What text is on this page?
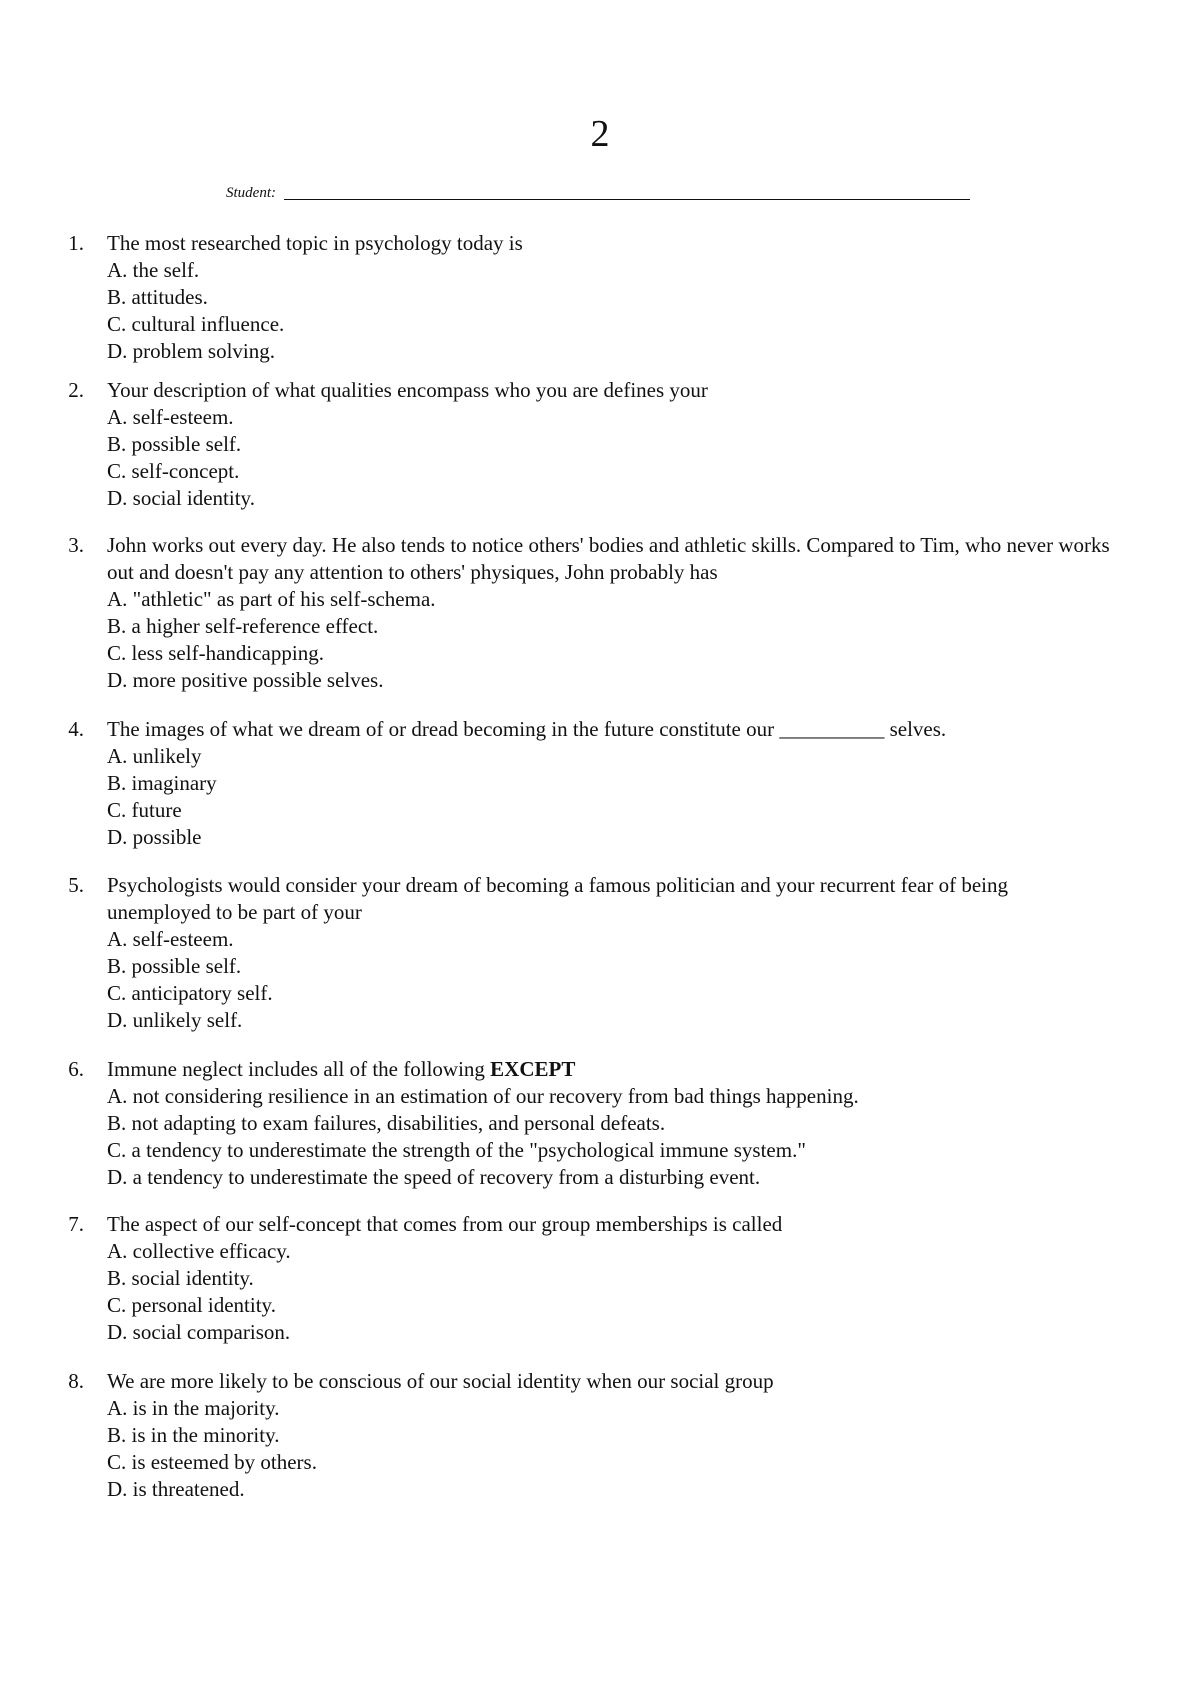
2
Student:
1. The most researched topic in psychology today is
A. the self.
B. attitudes.
C. cultural influence.
D. problem solving.
2. Your description of what qualities encompass who you are defines your
A. self-esteem.
B. possible self.
C. self-concept.
D. social identity.
3. John works out every day. He also tends to notice others' bodies and athletic skills. Compared to Tim, who never works out and doesn't pay any attention to others' physiques, John probably has
A. "athletic" as part of his self-schema.
B. a higher self-reference effect.
C. less self-handicapping.
D. more positive possible selves.
4. The images of what we dream of or dread becoming in the future constitute our __________ selves.
A. unlikely
B. imaginary
C. future
D. possible
5. Psychologists would consider your dream of becoming a famous politician and your recurrent fear of being unemployed to be part of your
A. self-esteem.
B. possible self.
C. anticipatory self.
D. unlikely self.
6. Immune neglect includes all of the following EXCEPT
A. not considering resilience in an estimation of our recovery from bad things happening.
B. not adapting to exam failures, disabilities, and personal defeats.
C. a tendency to underestimate the strength of the "psychological immune system."
D. a tendency to underestimate the speed of recovery from a disturbing event.
7. The aspect of our self-concept that comes from our group memberships is called
A. collective efficacy.
B. social identity.
C. personal identity.
D. social comparison.
8. We are more likely to be conscious of our social identity when our social group
A. is in the majority.
B. is in the minority.
C. is esteemed by others.
D. is threatened.
